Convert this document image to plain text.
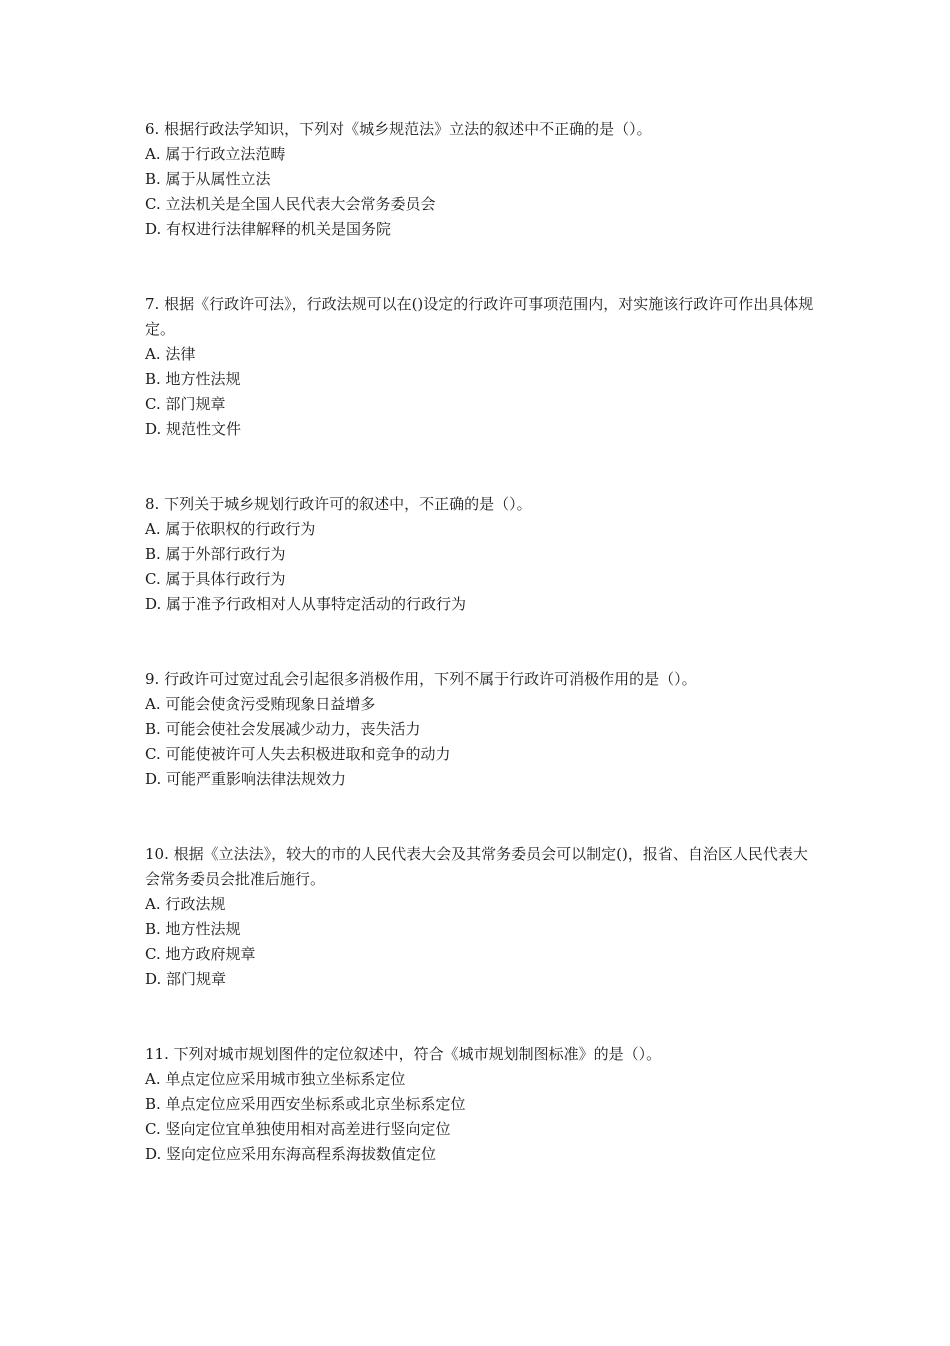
6. 根据行政法学知识，下列对《城乡规范法》立法的叙述中不正确的是（）。
A. 属于行政立法范畴
B. 属于从属性立法
C. 立法机关是全国人民代表大会常务委员会
D. 有权进行法律解释的机关是国务院
7. 根据《行政许可法》，行政法规可以在()设定的行政许可事项范围内，对实施该行政许可作出具体规定。
A. 法律
B. 地方性法规
C. 部门规章
D. 规范性文件
8. 下列关于城乡规划行政许可的叙述中，不正确的是（）。
A. 属于依职权的行政行为
B. 属于外部行政行为
C. 属于具体行政行为
D. 属于准予行政相对人从事特定活动的行政行为
9. 行政许可过宽过乱会引起很多消极作用，下列不属于行政许可消极作用的是（）。
A. 可能会使贪污受贿现象日益增多
B. 可能会使社会发展减少动力，丧失活力
C. 可能使被许可人失去积极进取和竞争的动力
D. 可能严重影响法律法规效力
10. 根据《立法法》，较大的市的人民代表大会及其常务委员会可以制定()，报省、自治区人民代表大会常务委员会批准后施行。
A. 行政法规
B. 地方性法规
C. 地方政府规章
D. 部门规章
11. 下列对城市规划图件的定位叙述中，符合《城市规划制图标准》的是（）。
A. 单点定位应采用城市独立坐标系定位
B. 单点定位应采用西安坐标系或北京坐标系定位
C. 竖向定位宜单独使用相对高差进行竖向定位
D. 竖向定位应采用东海高程系海拔数值定位
